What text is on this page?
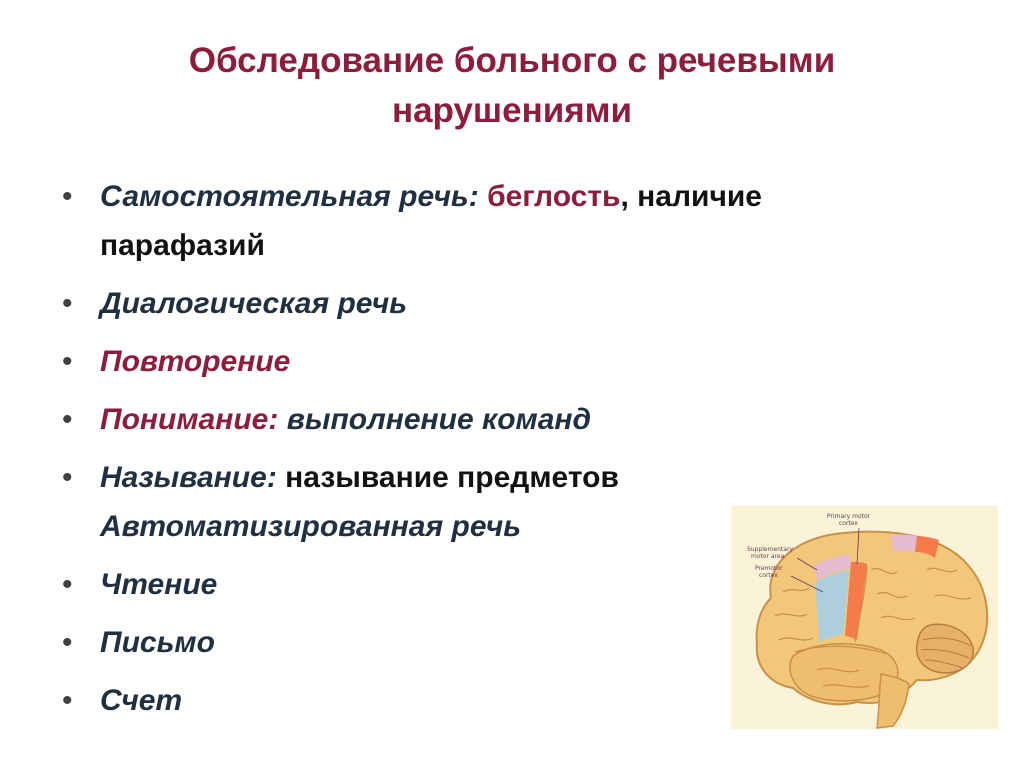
Обследование больного с речевыми
нарушениями
• Самостоятельная речь: беглость, наличие
парафазий
• Диалогическая речь
• Повторение
• Понимание: выполнение команд
• Называние: называние предметов
Автоматизированная речь
• Чтение
• Письмо
• Счет
Primary motor
cortex
Supplementary
motor area
Premotor
cortex
